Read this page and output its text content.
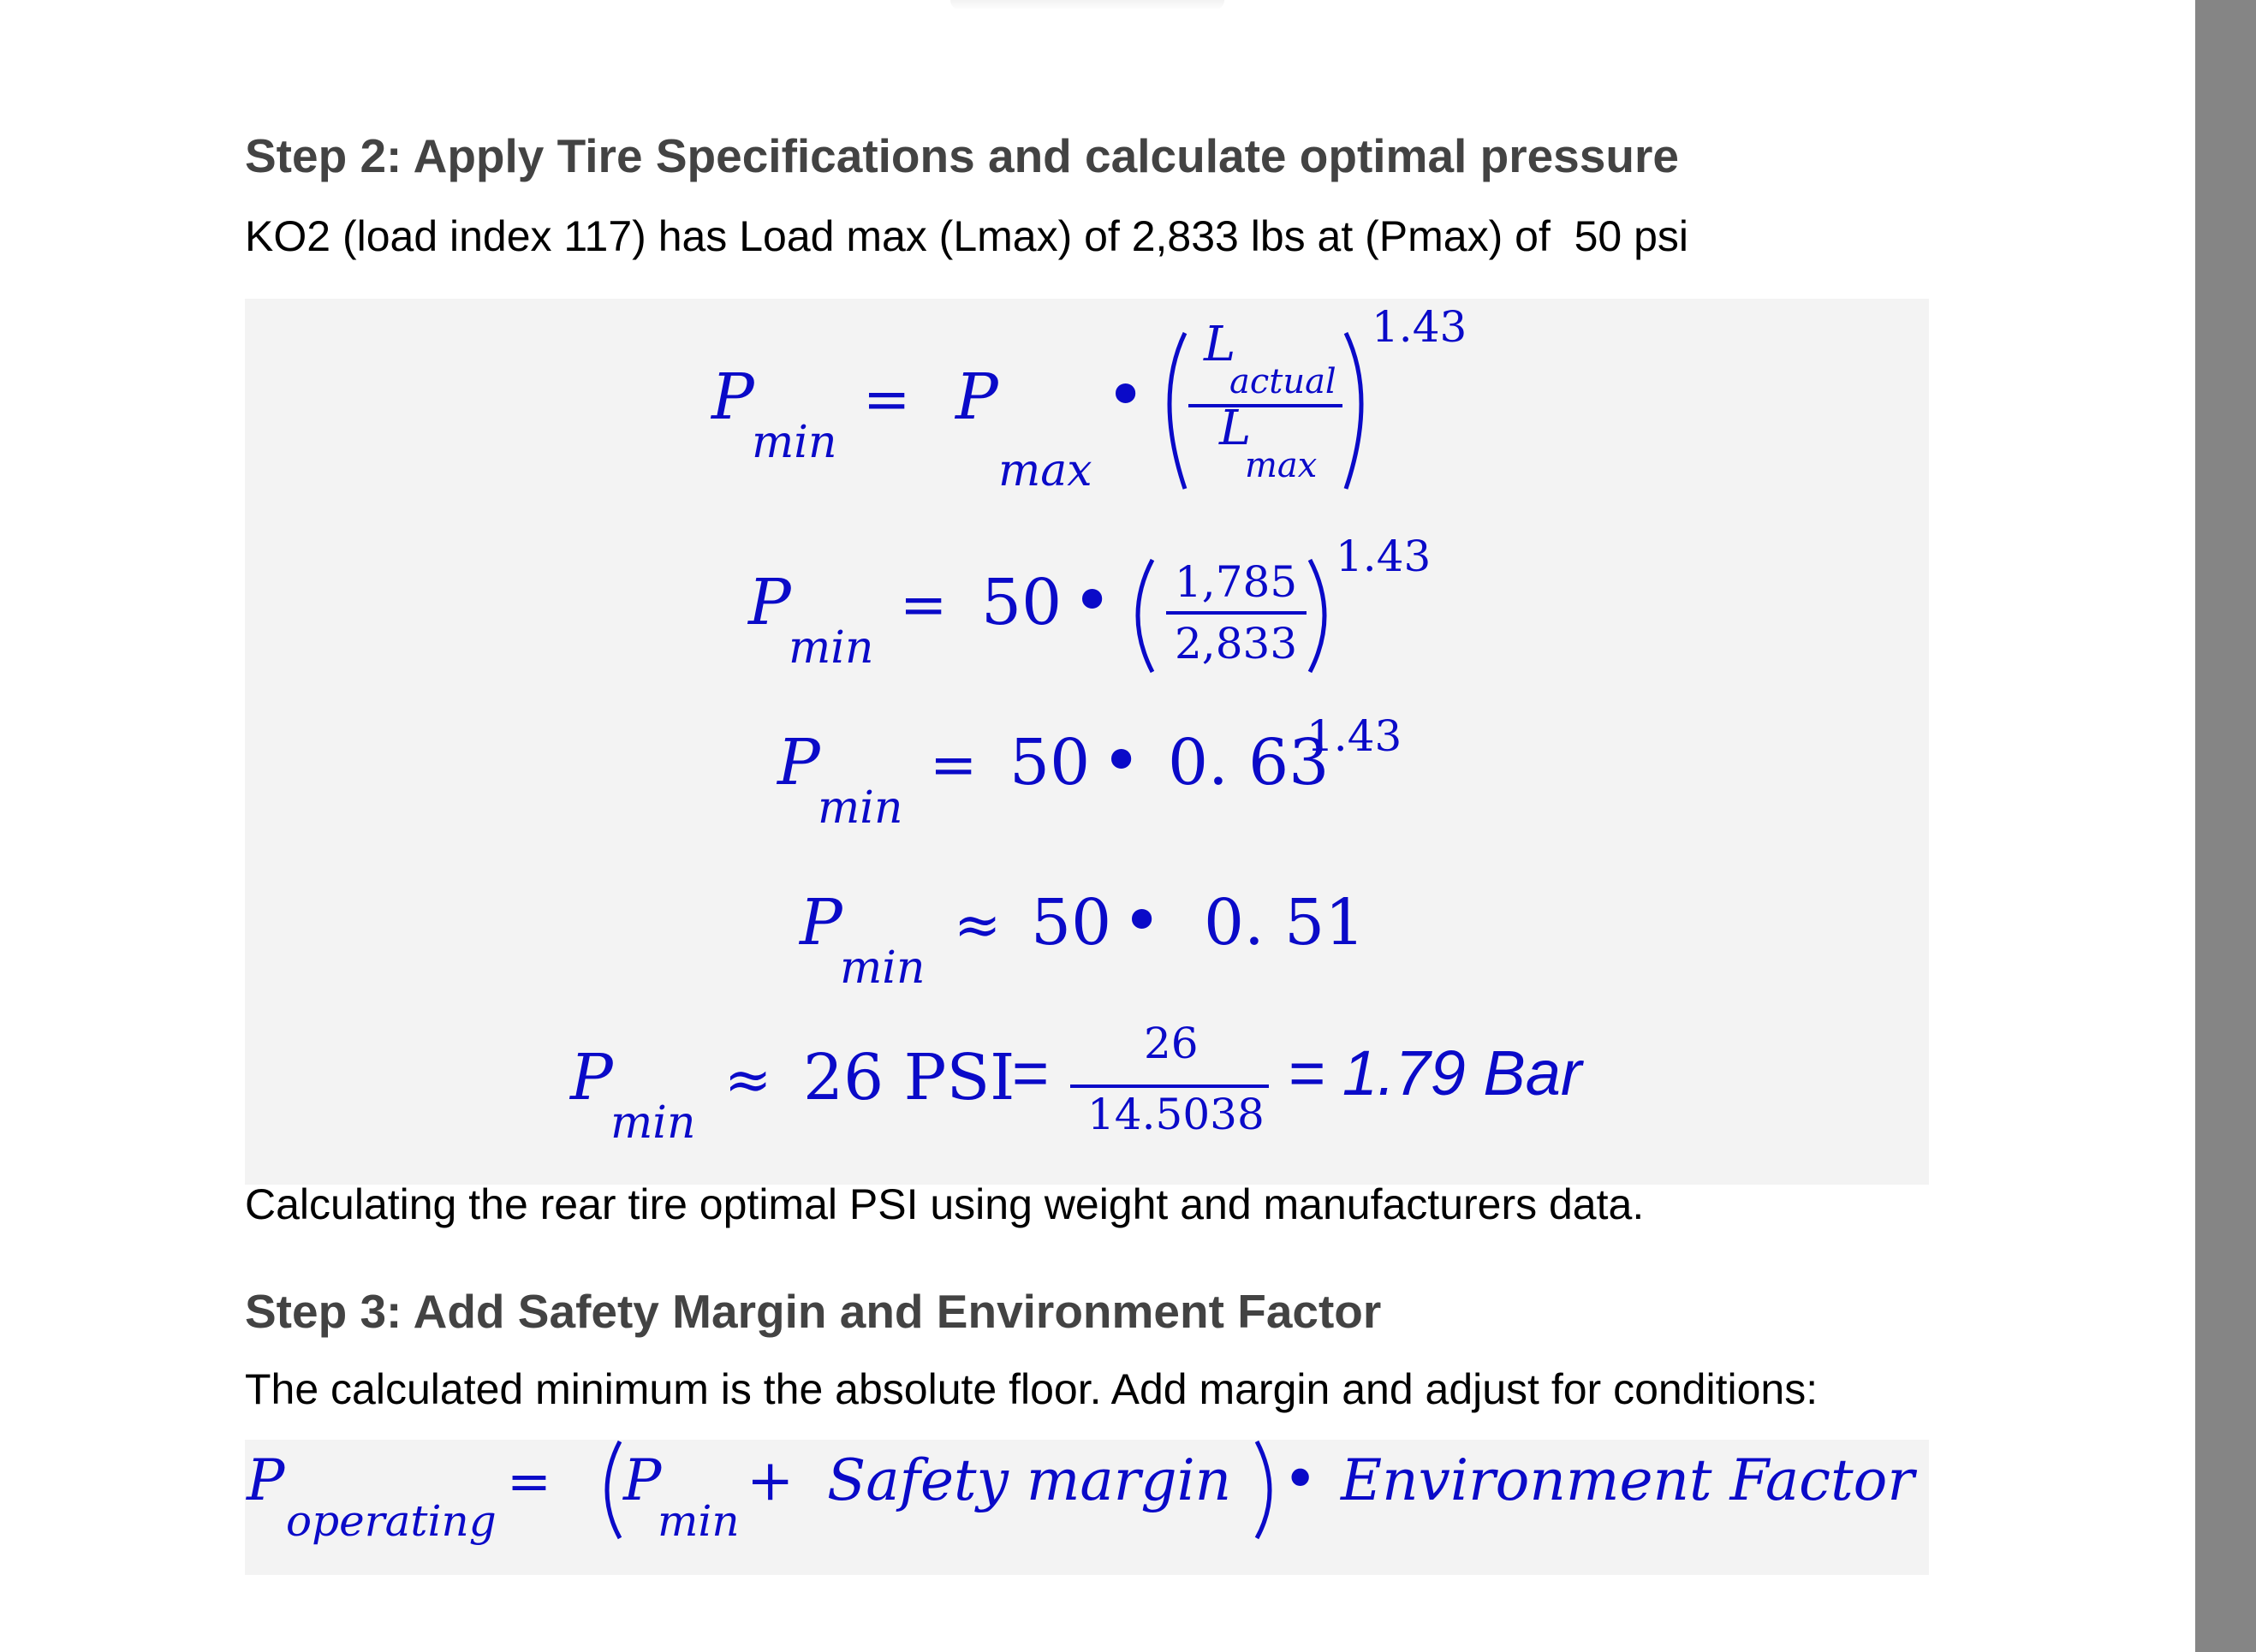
Step 2: Apply Tire Specifications and calculate optimal pressure

KO2 (load index 117) has Load max (Lmax) of 2,833 lbs at (Pmax) of  50 psi

P
min
= P
max
•
L
actual
L
max
1.43
P
min
= 50 • 1,785
2,833
1.43
P
min
= 50 • 0. 63
1.43
P
min
≈ 50 • 0. 51
P
min
≈ 26 PSI
= 26
14.5038
= 1.79 Bar

Calculating the rear tire optimal PSI using weight and manufacturers data.

Step 3: Add Safety Margin and Environment Factor

The calculated minimum is the absolute floor. Add margin and adjust for conditions:

P
operating
= P
min
+ Safety margin • Environment Factor
